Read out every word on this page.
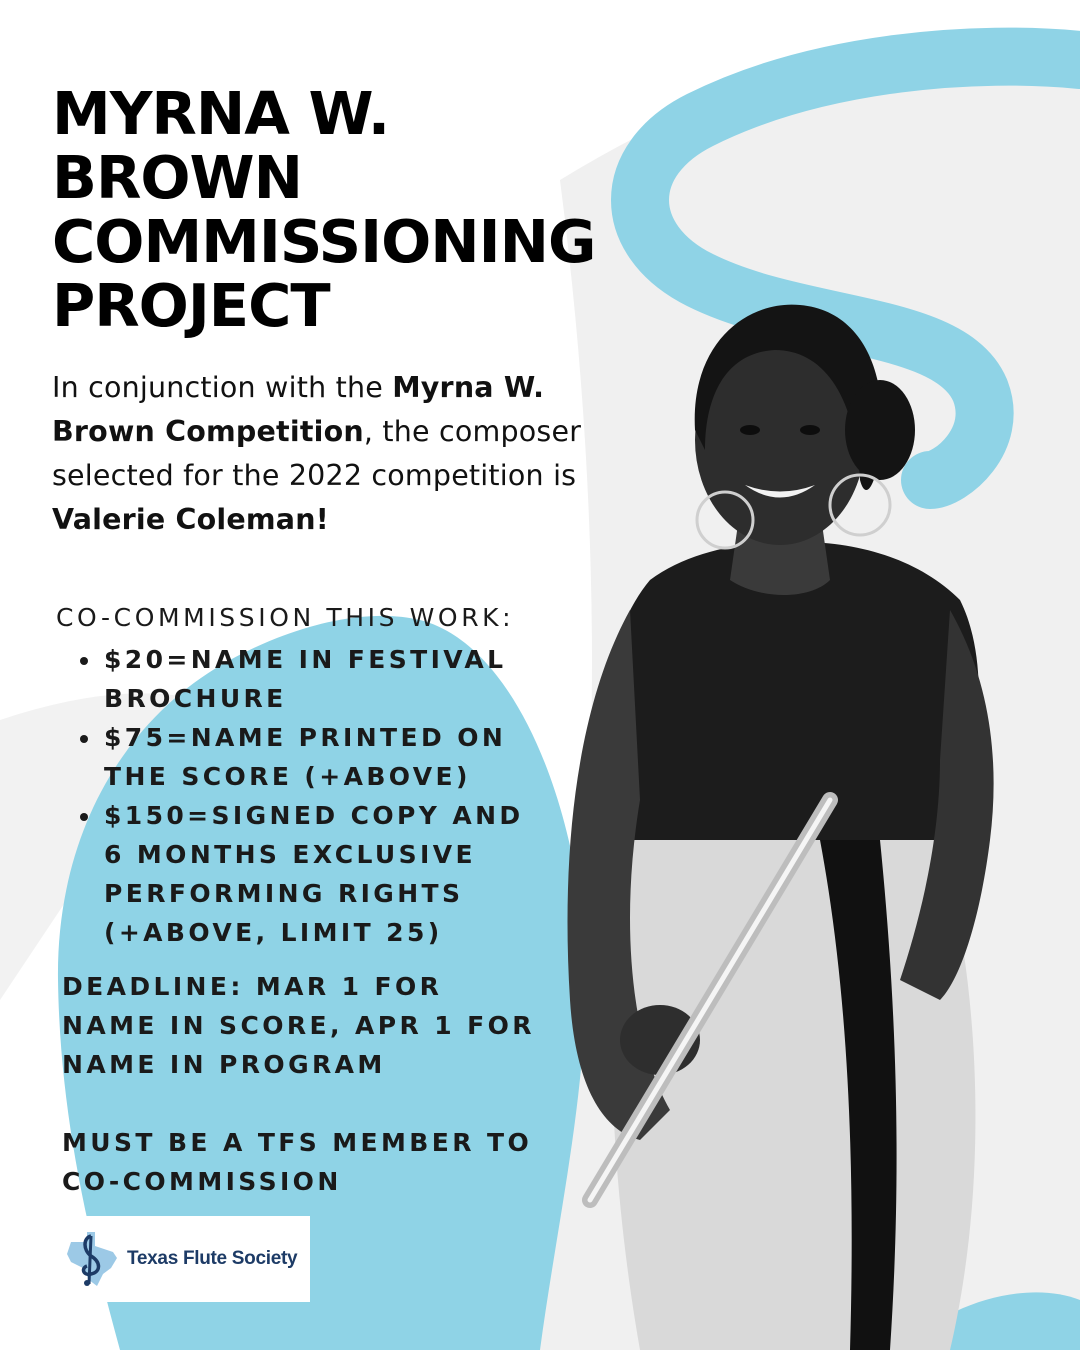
MYRNA W.
BROWN
COMMISSIONING
PROJECT

In conjunction with the Myrna W. Brown Competition, the composer selected for the 2022 competition is Valerie Coleman!

CO-COMMISSION THIS WORK:
$20=NAME IN FESTIVAL BROCHURE
$75=NAME PRINTED ON THE SCORE (+ABOVE)
$150=SIGNED COPY AND 6 MONTHS EXCLUSIVE PERFORMING RIGHTS (+ABOVE, LIMIT 25)
DEADLINE: MAR 1 FOR NAME IN SCORE, APR 1 FOR NAME IN PROGRAM
MUST BE A TFS MEMBER TO CO-COMMISSION
Texas Flute Society
